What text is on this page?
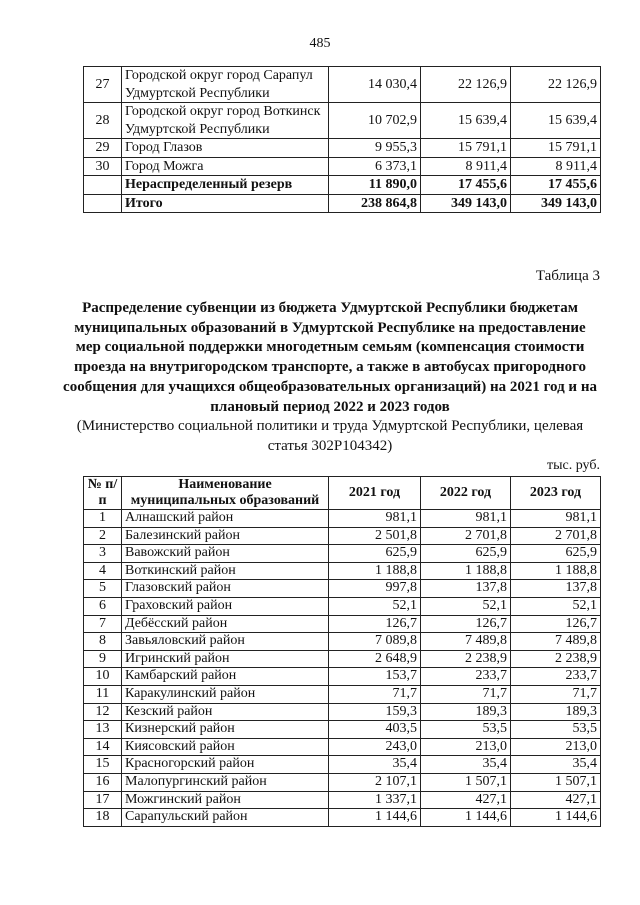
485
27	Городской округ город Сарапул Удмуртской Республики	14 030,4	22 126,9	22 126,9
28	Городской округ город Воткинск Удмуртской Республики	10 702,9	15 639,4	15 639,4
29	Город Глазов	9 955,3	15 791,1	15 791,1
30	Город Можга	6 373,1	8 911,4	8 911,4
	Нераспределенный резерв	11 890,0	17 455,6	17 455,6
	Итого	238 864,8	349 143,0	349 143,0
Таблица 3
Распределение субвенции из бюджета Удмуртской Республики бюджетам муниципальных образований в Удмуртской Республике на предоставление мер социальной поддержки многодетным семьям (компенсация стоимости проезда на внутригородском транспорте, а также в автобусах пригородного сообщения для учащихся общеобразовательных организаций) на 2021 год и на плановый период 2022 и 2023 годов
(Министерство социальной политики и труда Удмуртской Республики, целевая статья 302Р104342)
тыс. руб.
№ п/п	Наименование муниципальных образований	2021 год	2022 год	2023 год
1	Алнашский район	981,1	981,1	981,1
2	Балезинский район	2 501,8	2 701,8	2 701,8
3	Вавожский район	625,9	625,9	625,9
4	Воткинский район	1 188,8	1 188,8	1 188,8
5	Глазовский район	997,8	137,8	137,8
6	Граховский район	52,1	52,1	52,1
7	Дебёсский район	126,7	126,7	126,7
8	Завьяловский район	7 089,8	7 489,8	7 489,8
9	Игринский район	2 648,9	2 238,9	2 238,9
10	Камбарский район	153,7	233,7	233,7
11	Каракулинский район	71,7	71,7	71,7
12	Кезский район	159,3	189,3	189,3
13	Кизнерский район	403,5	53,5	53,5
14	Киясовский район	243,0	213,0	213,0
15	Красногорский район	35,4	35,4	35,4
16	Малопургинский район	2 107,1	1 507,1	1 507,1
17	Можгинский район	1 337,1	427,1	427,1
18	Сарапульский район	1 144,6	1 144,6	1 144,6
